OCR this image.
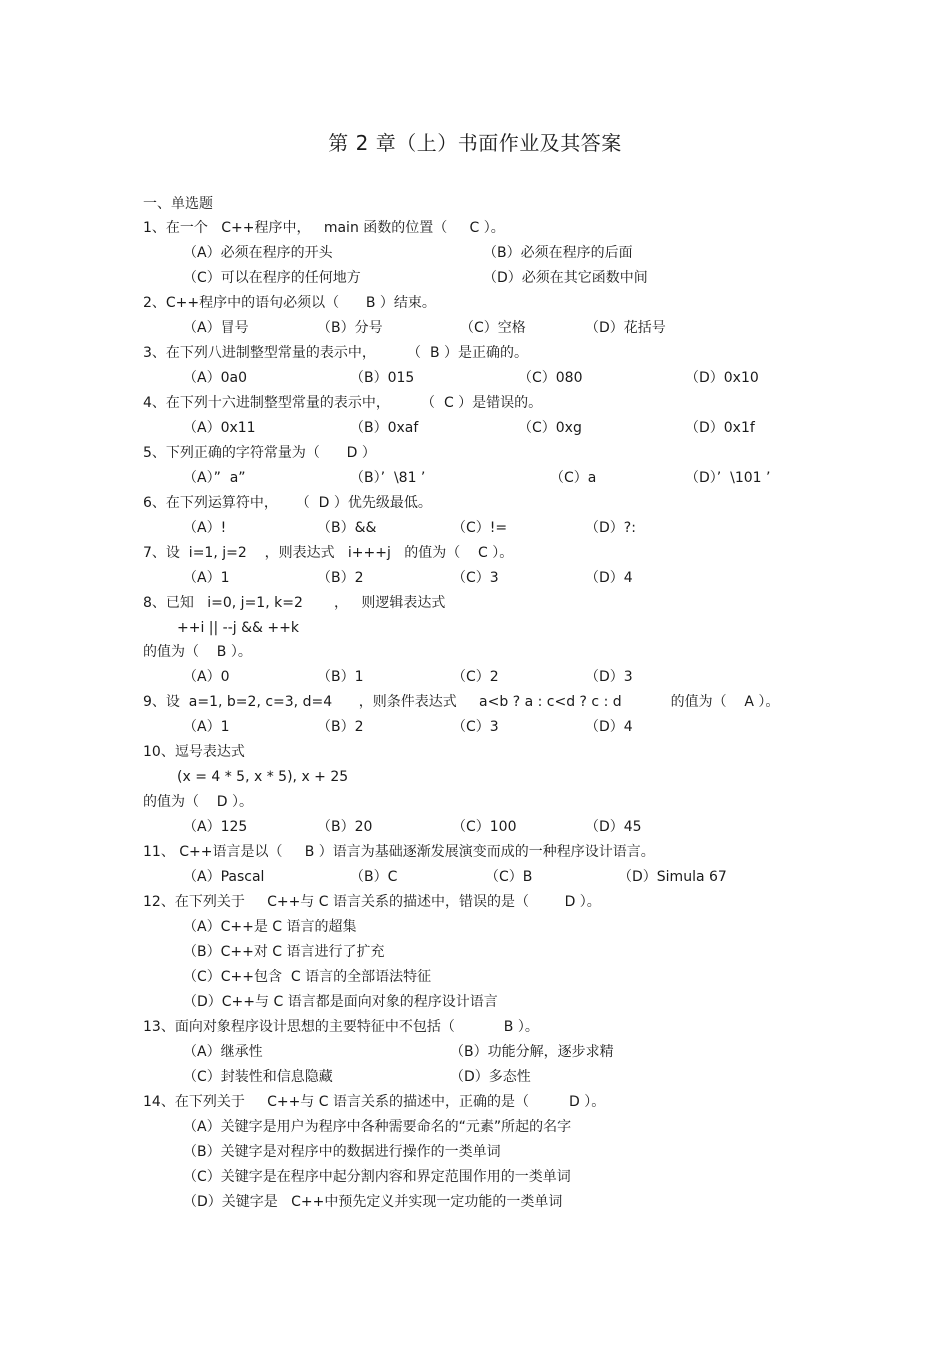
第 2 章（上）书面作业及其答案
一、单选题
1、在一个   C++程序中，   main 函数的位置（     C ）。
（A）必须在程序的开头	（B）必须在程序的后面
（C）可以在程序的任何地方	（D）必须在其它函数中间
2、C++程序中的语句必须以（      B ）结束。
（A）冒号	（B）分号	（C）空格	（D）花括号
3、在下列八进制整型常量的表示中，       （  B ）是正确的。
（A）0a0	（B）015	（C）080	（D）0x10
4、在下列十六进制整型常量的表示中，       （  C ）是错误的。
（A）0x11	（B）0xaf	（C）0xg	（D）0x1f
5、下列正确的字符常量为（      D ）
（A）”  a”	（B）’  \81 ’	（C）a	（D）’  \101 ’
6、在下列运算符中，    （  D ）优先级最低。
（A）!	（B）&&	（C）!=	（D）?:
7、设  i=1, j=2    ，则表达式   i+++j   的值为（    C ）。
（A）1	（B）2	（C）3	（D）4
8、已知   i=0, j=1, k=2       ，   则逻辑表达式
++i || --j && ++k
的值为（    B ）。
（A）0	（B）1	（C）2	（D）3
9、设  a=1, b=2, c=3, d=4      ，则条件表达式     a<b ? a : c<d ? c : d           的值为（    A ）。
（A）1	（B）2	（C）3	（D）4
10、逗号表达式
(x = 4 * 5, x * 5), x + 25
的值为（    D ）。
（A）125	（B）20	（C）100	（D）45
11、 C++语言是以（     B ）语言为基础逐渐发展演变而成的一种程序设计语言。
（A）Pascal	（B）C	（C）B	（D）Simula 67
12、在下列关于     C++与 C 语言关系的描述中，错误的是（        D ）。
（A）C++是 C 语言的超集
（B）C++对 C 语言进行了扩充
（C）C++包含  C 语言的全部语法特征
（D）C++与 C 语言都是面向对象的程序设计语言
13、面向对象程序设计思想的主要特征中不包括（           B ）。
（A）继承性	（B）功能分解，逐步求精
（C）封装性和信息隐藏	（D）多态性
14、在下列关于     C++与 C 语言关系的描述中，正确的是（         D ）。
（A）关键字是用户为程序中各种需要命名的“元素”所起的名字
（B）关键字是对程序中的数据进行操作的一类单词
（C）关键字是在程序中起分割内容和界定范围作用的一类单词
（D）关键字是   C++中预先定义并实现一定功能的一类单词
